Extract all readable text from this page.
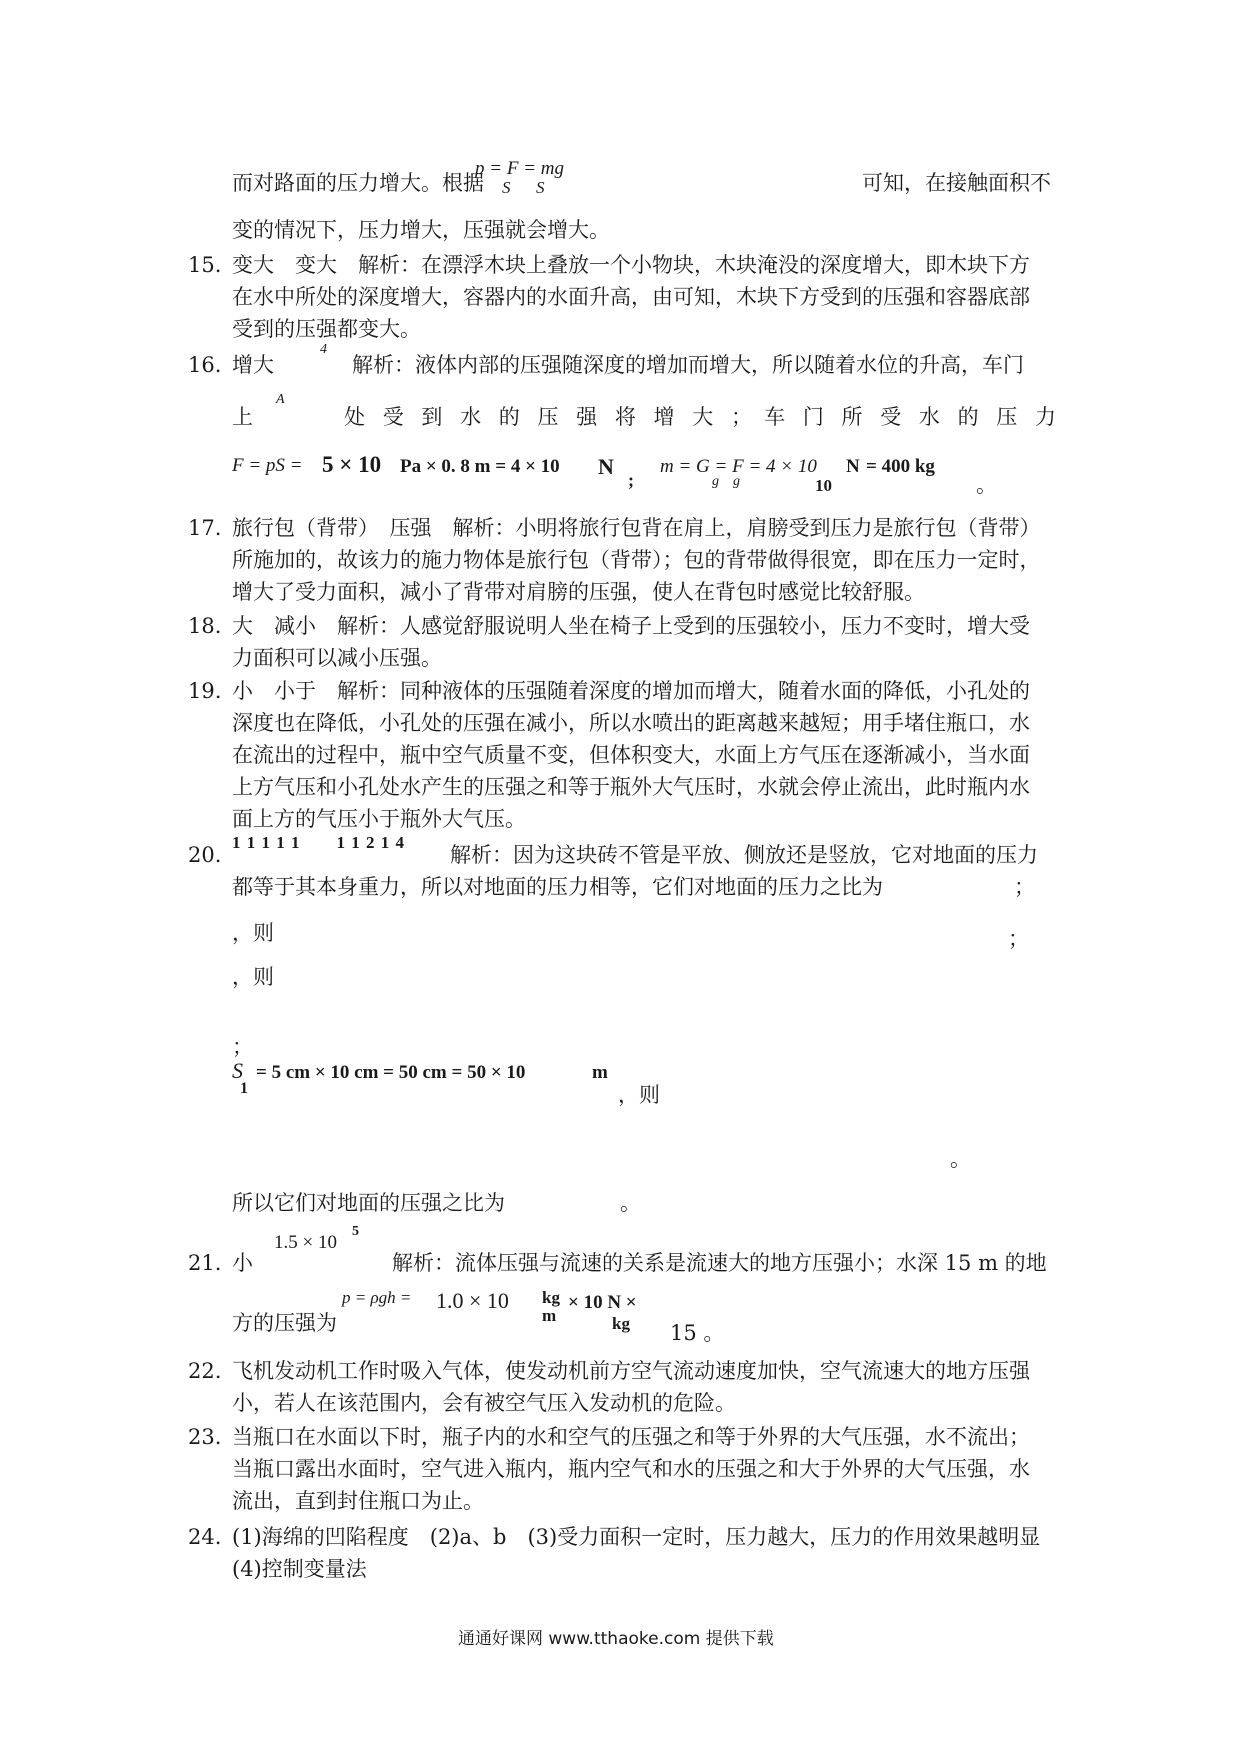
而对路面的压力增大。根据
p = F = mg
S      S	可知，在接触面积不
变的情况下，压力增大，压强就会增大。
15. 变大　变大　解析：在漂浮木块上叠放一个小物块，木块淹没的深度增大，即木块下方
在水中所处的深度增大，容器内的水面升高，由可知，木块下方受到的压强和容器底部
受到的压强都变大。
16. 增大
4
解析：液体内部的压强随深度的增加而增大，所以随着水位的升高，车门
上
A
处 受 到 水 的 压 强 将 增 大 ； 车 门 所 受 水 的 压 力
F = pS = 5 × 10 Pa × 0. 8 m = 4 × 10 N
;
m = G = F = 4 × 10
g    g
N
10
= 400 kg
。
17. 旅行包（背带）　压强　解析：小明将旅行包背在肩上，肩膀受到压力是旅行包（背带）
所施加的，故该力的施力物体是旅行包（背带）；包的背带做得很宽，即在压力一定时，
增大了受力面积，减小了背带对肩膀的压强，使人在背包时感觉比较舒服。
18. 大　减小　解析：人感觉舒服说明人坐在椅子上受到的压强较小，压力不变时，增大受
力面积可以减小压强。
19. 小　小于　解析：同种液体的压强随着深度的增加而增大，随着水面的降低，小孔处的
深度也在降低，小孔处的压强在减小，所以水喷出的距离越来越短；用手堵住瓶口，水
在流出的过程中，瓶中空气质量不变，但体积变大，水面上方气压在逐渐减小，当水面
上方气压和小孔处水产生的压强之和等于瓶外大气压时，水就会停止流出，此时瓶内水
面上方的气压小于瓶外大气压。
20.
1 1 1 1 1　　1 1 2 1 4
解析：因为这块砖不管是平放、侧放还是竖放，它对地面的压力
都等于其本身重力，所以对地面的压力相等，它们对地面的压力之比为	；
，则	；
，则
；
S
1
= 5 cm × 10 cm = 50 cm = 50 × 10	m
，则
。
所以它们对地面的压强之比为	。
21. 小
1.5 × 10
5
解析：流体压强与流速的关系是流速大的地方压强小；水深 15 m 的地
方的压强为
p = ρgh = 1.0 × 10 kg
m
× 10 N ×
kg 15 。
22. 飞机发动机工作时吸入气体，使发动机前方空气流动速度加快，空气流速大的地方压强
小，若人在该范围内，会有被空气压入发动机的危险。
23. 当瓶口在水面以下时，瓶子内的水和空气的压强之和等于外界的大气压强，水不流出；
当瓶口露出水面时，空气进入瓶内，瓶内空气和水的压强之和大于外界的大气压强，水
流出，直到封住瓶口为止。
24. (1)海绵的凹陷程度　(2)a、b　(3)受力面积一定时，压力越大，压力的作用效果越明显
(4)控制变量法
通通好课网 www.tthaoke.com 提供下载
